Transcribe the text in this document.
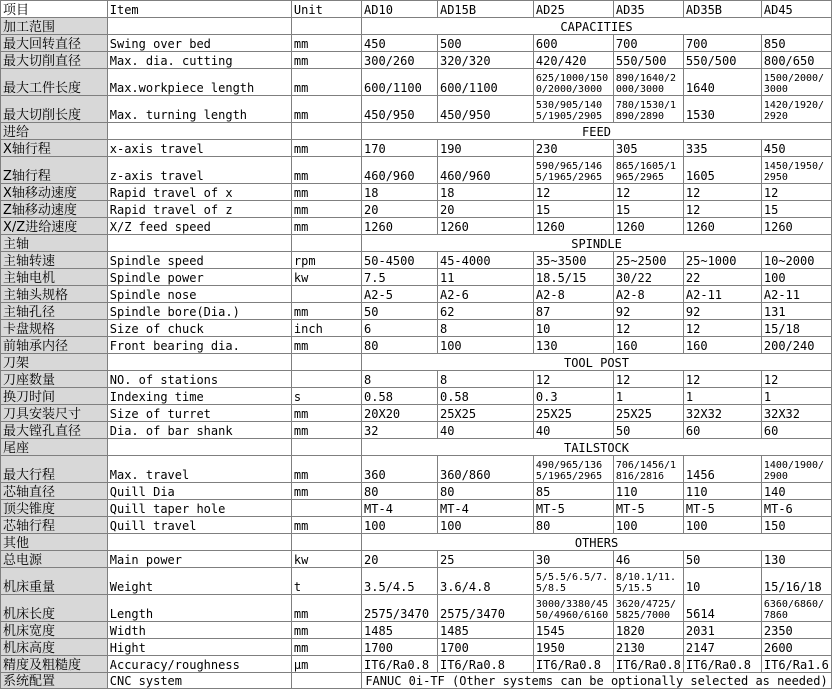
项目	Item	Unit	AD10	AD15B	AD25	AD35	AD35B	AD45
加工范围			CAPACITIES					
最大回转直径	Swing over bed	mm	450	500	600	700	700	850
最大切削直径	Max. dia. cutting	mm	300/260	320/320	420/420	550/500	550/500	800/650
最大工件长度	Max.workpiece length	mm	600/1100	600/1100	625/1000/1500/2000/3000	890/1640/2000/3000	1640	1500/2000/3000
最大切削长度	Max. turning length	mm	450/950	450/950	530/905/1405/1905/2905	780/1530/1890/2890	1530	1420/1920/2920
进给			FEED					
X轴行程	x-axis travel	mm	170	190	230	305	335	450
Z轴行程	z-axis travel	mm	460/960	460/960	590/965/1465/1965/2965	865/1605/1965/2965	1605	1450/1950/2950
X轴移动速度	Rapid travel of x	mm	18	18	12	12	12	12
Z轴移动速度	Rapid travel of z	mm	20	20	15	15	12	15
X/Z进给速度	X/Z feed speed	mm	1260	1260	1260	1260	1260	1260
主轴			SPINDLE					
主轴转速	Spindle speed	rpm	50-4500	45-4000	35~3500	25~2500	25~1000	10~2000
主轴电机	Spindle power	kw	7.5	11	18.5/15	30/22	22	100
主轴头规格	Spindle nose		A2-5	A2-6	A2-8	A2-8	A2-11	A2-11
主轴孔径	Spindle bore(Dia.)	mm	50	62	87	92	92	131
卡盘规格	Size of chuck	inch	6	8	10	12	12	15/18
前轴承内径	Front bearing dia.	mm	80	100	130	160	160	200/240
刀架			TOOL POST					
刀座数量	NO. of stations		8	8	12	12	12	12
换刀时间	Indexing time	s	0.58	0.58	0.3	1	1	1
刀具安装尺寸	Size of turret	mm	20X20	25X25	25X25	25X25	32X32	32X32
最大镗孔直径	Dia. of bar shank	mm	32	40	40	50	60	60
尾座			TAILSTOCK					
最大行程	Max. travel	mm	360	360/860	490/965/1365/1965/2965	706/1456/1816/2816	1456	1400/1900/2900
芯轴直径	Quill Dia	mm	80	80	85	110	110	140
顶尖锥度	Quill taper hole		MT-4	MT-4	MT-5	MT-5	MT-5	MT-6
芯轴行程	Quill travel	mm	100	100	80	100	100	150
其他			OTHERS					
总电源	Main power	kw	20	25	30	46	50	130
机床重量	Weight	t	3.5/4.5	3.6/4.8	5/5.5/6.5/7.5/8.5	8/10.1/11.5/15.5	10	15/16/18
机床长度	Length	mm	2575/3470	2575/3470	3000/3380/4550/4960/6160	3620/4725/5825/7000	5614	6360/6860/7860
机床宽度	Width	mm	1485	1485	1545	1820	2031	2350
机床高度	Hight	mm	1700	1700	1950	2130	2147	2600
精度及粗糙度	Accuracy/roughness	μm	IT6/Ra0.8	IT6/Ra0.8	IT6/Ra0.8	IT6/Ra0.8	IT6/Ra0.8	IT6/Ra1.6
系统配置	CNC system		FANUC 0i-TF (Other systems can be optionally selected as needed)					
